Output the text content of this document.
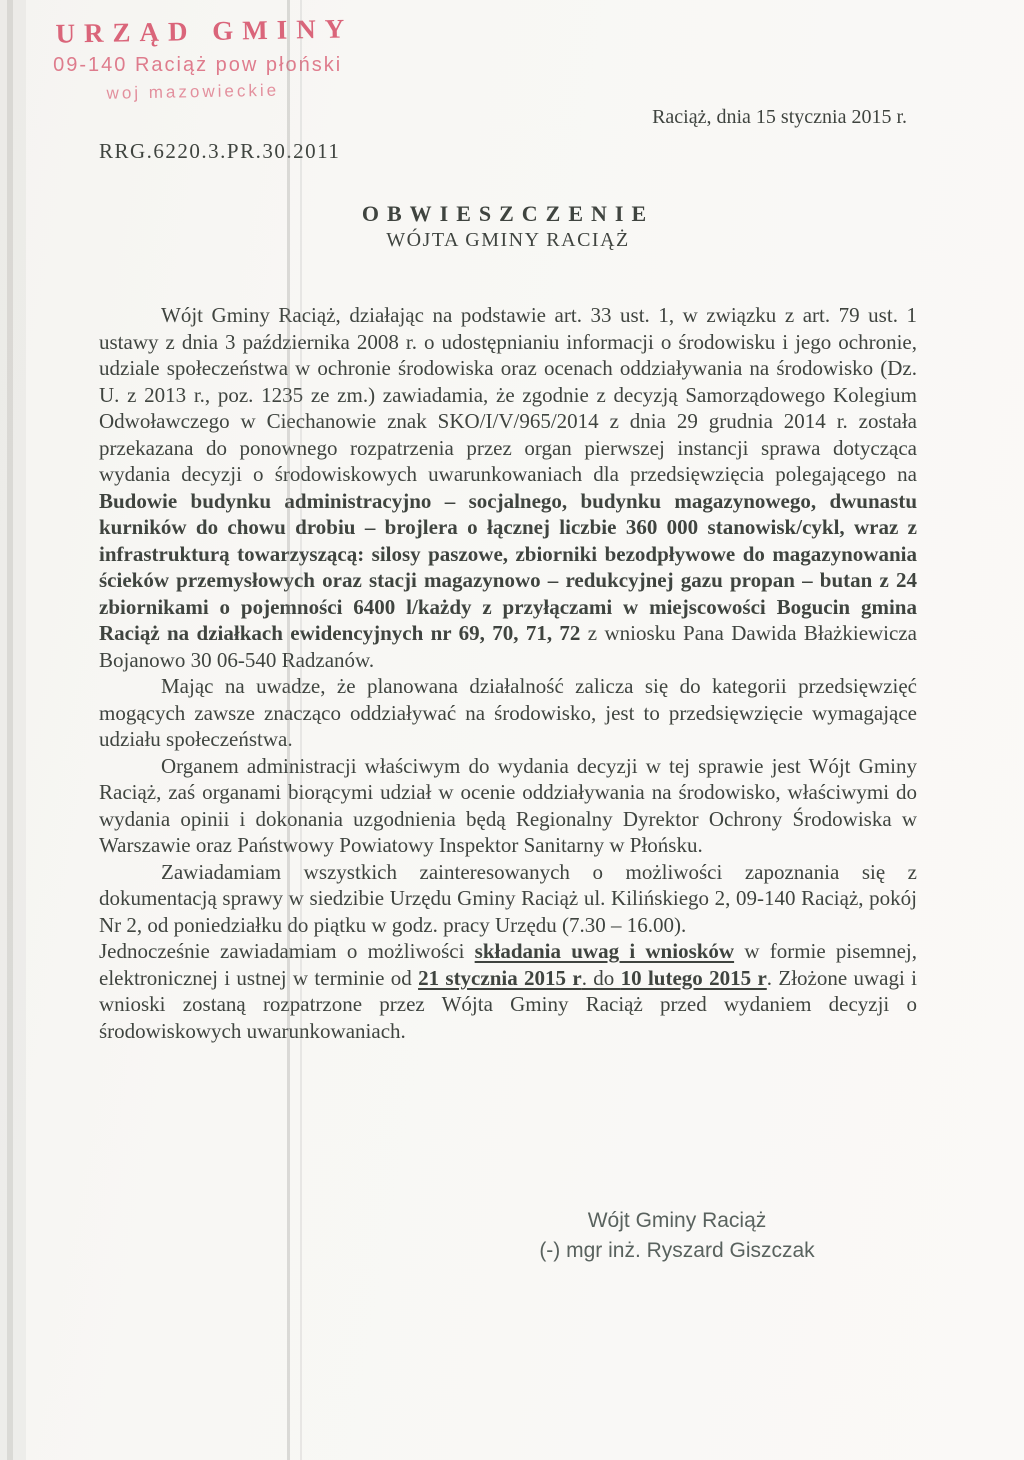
URZĄD GMINY
09-140 Raciąż pow płoński
woj mazowieckie
RRG.6220.3.PR.30.2011
Raciąż, dnia 15 stycznia 2015 r.
OBWIESZCZENIE
WÓJTA GMINY RACIĄŻ

Wójt Gminy Raciąż, działając na podstawie art. 33 ust. 1, w związku z art. 79 ust. 1 ustawy z dnia 3 października 2008 r. o udostępnianiu informacji o środowisku i jego ochronie, udziale społeczeństwa w ochronie środowiska oraz ocenach oddziaływania na środowisko (Dz. U. z 2013 r., poz. 1235 ze zm.) zawiadamia, że zgodnie z decyzją Samorządowego Kolegium Odwoławczego w Ciechanowie znak SKO/I/V/965/2014 z dnia 29 grudnia 2014 r. została przekazana do ponownego rozpatrzenia przez organ pierwszej instancji sprawa dotycząca wydania decyzji o środowiskowych uwarunkowaniach dla przedsięwzięcia polegającego na Budowie budynku administracyjno – socjalnego, budynku magazynowego, dwunastu kurników do chowu drobiu – brojlera o łącznej liczbie 360 000 stanowisk/cykl, wraz z infrastrukturą towarzyszącą: silosy paszowe, zbiorniki bezodpływowe do magazynowania ścieków przemysłowych oraz stacji magazynowo – redukcyjnej gazu propan – butan z 24 zbiornikami o pojemności 6400 l/każdy z przyłączami w miejscowości Bogucin gmina Raciąż na działkach ewidencyjnych nr 69, 70, 71, 72 z wniosku Pana Dawida Błażkiewicza Bojanowo 30 06-540 Radzanów.

Mając na uwadze, że planowana działalność zalicza się do kategorii przedsięwzięć mogących zawsze znacząco oddziaływać na środowisko, jest to przedsięwzięcie wymagające udziału społeczeństwa.

Organem administracji właściwym do wydania decyzji w tej sprawie jest Wójt Gminy Raciąż, zaś organami biorącymi udział w ocenie oddziaływania na środowisko, właściwymi do wydania opinii i dokonania uzgodnienia będą Regionalny Dyrektor Ochrony Środowiska w Warszawie oraz Państwowy Powiatowy Inspektor Sanitarny w Płońsku.

Zawiadamiam wszystkich zainteresowanych o możliwości zapoznania się z dokumentacją sprawy w siedzibie Urzędu Gminy Raciąż ul. Kilińskiego 2, 09-140 Raciąż, pokój Nr 2, od poniedziałku do piątku w godz. pracy Urzędu (7.30 – 16.00).

Jednocześnie zawiadamiam o możliwości składania uwag i wniosków w formie pisemnej, elektronicznej i ustnej w terminie od 21 stycznia 2015 r. do 10 lutego 2015 r. Złożone uwagi i wnioski zostaną rozpatrzone przez Wójta Gminy Raciąż przed wydaniem decyzji o środowiskowych uwarunkowaniach.

Wójt Gminy Raciąż
(-) mgr inż. Ryszard Giszczak
